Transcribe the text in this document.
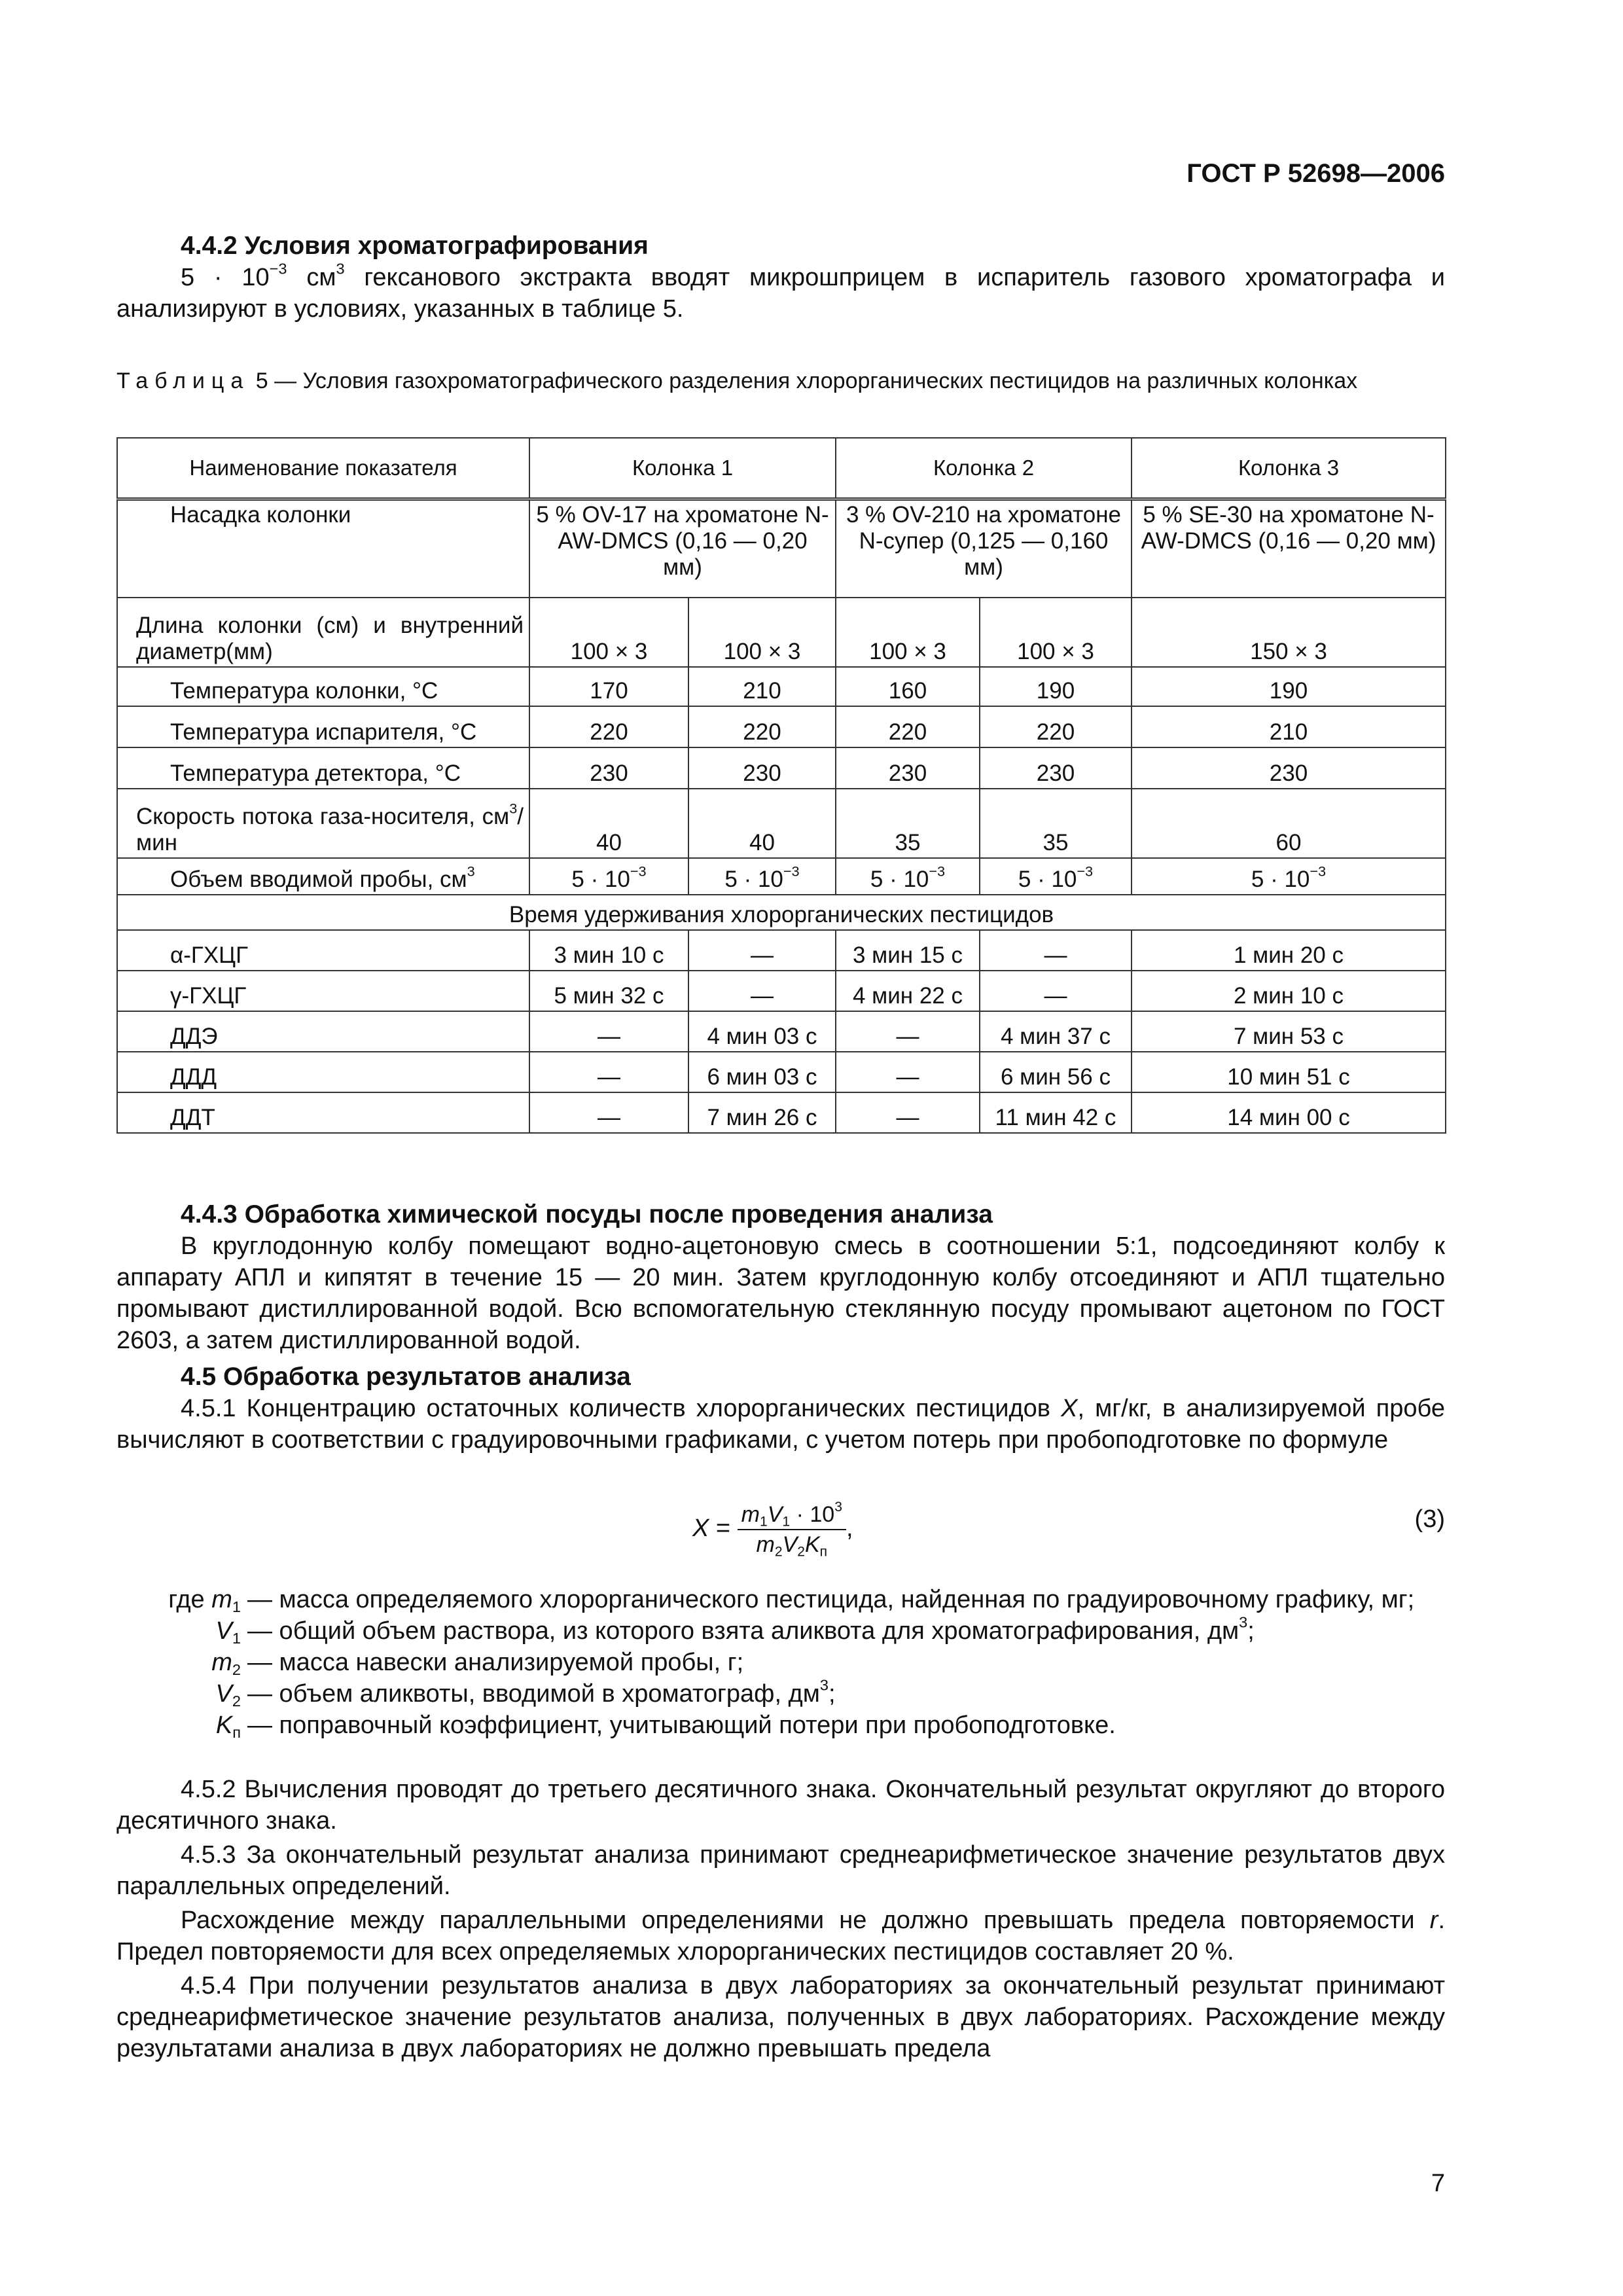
ГОСТ Р 52698—2006
4.4.2 Условия хроматографирования
$5 \cdot 10^{-3}$ $см^3$ гексанового экстракта вводят микрошприцем в испаритель газового хроматографа и анализируют в условиях, указанных в таблице 5.
Таблица 5 — Условия газохроматографического разделения хлорорганических пестицидов на различных колонках
Наименование показателя	Колонка 1		Колонка 2		Колонка 3
Насадка колонки	5 % OV-17 на хроматоне N-AW-DMCS (0,16 — 0,20 мм)		3 % OV-210 на хроматоне N-супер (0,125 — 0,160 мм)		5 % SE-30 на хроматоне N-AW-DMCS (0,16 — 0,20 мм)
Длина колонки (см) и внутренний диаметр(мм)	100 × 3	100 × 3	100 × 3	100 × 3	150 × 3
Температура колонки, °С	170	210	160	190	190
Температура испарителя, °С	220	220	220	220	210
Температура детектора, °С	230	230	230	230	230
Скорость потока газа-носителя, $см^3$/мин	40	40	35	35	60
Объем вводимой пробы, $см^3$	$5 \cdot 10^{-3}$	$5 \cdot 10^{-3}$	$5 \cdot 10^{-3}$	$5 \cdot 10^{-3}$	$5 \cdot 10^{-3}$
Время удерживания хлорорганических пестицидов					
α-ГХЦГ	3 мин 10 с	—	3 мин 15 с	—	1 мин 20 с
γ-ГХЦГ	5 мин 32 с	—	4 мин 22 с	—	2 мин 10 с
ДДЭ	—	4 мин 03 с	—	4 мин 37 с	7 мин 53 с
ДДД	—	6 мин 03 с	—	6 мин 56 с	10 мин 51 с
ДДТ	—	7 мин 26 с	—	11 мин 42 с	14 мин 00 с
4.4.3 Обработка химической посуды после проведения анализа
В круглодонную колбу помещают водно-ацетоновую смесь в соотношении 5:1, подсоединяют колбу к аппарату АПЛ и кипятят в течение 15 — 20 мин. Затем круглодонную колбу отсоединяют и АПЛ тщательно промывают дистиллированной водой. Всю вспомогательную стеклянную посуду промывают ацетоном по ГОСТ 2603, а затем дистиллированной водой.
4.5 Обработка результатов анализа
4.5.1 Концентрацию остаточных количеств хлорорганических пестицидов X, мг/кг, в анализируемой пробе вычисляют в соответствии с градуировочными графиками, с учетом потерь при пробоподготовке по формуле
$X = \frac{m_1V_1 \cdot 10^3}{m_2V_2K_п}$ ,	(3)
где $m_1$ — масса определяемого хлорорганического пестицида, найденная по градуировочному графику, мг;
$V_1$ — общий объем раствора, из которого взята аликвота для хроматографирования, $дм^3$;
$m_2$ — масса навески анализируемой пробы, г;
$V_2$ — объем аликвоты, вводимой в хроматограф, $дм^3$;
$K_п$ — поправочный коэффициент, учитывающий потери при пробоподготовке.
4.5.2 Вычисления проводят до третьего десятичного знака. Окончательный результат округляют до второго десятичного знака.
4.5.3 За окончательный результат анализа принимают среднеарифметическое значение результатов двух параллельных определений.
Расхождение между параллельными определениями не должно превышать предела повторяемости r. Предел повторяемости для всех определяемых хлорорганических пестицидов составляет 20 %.
4.5.4 При получении результатов анализа в двух лабораториях за окончательный результат принимают среднеарифметическое значение результатов анализа, полученных в двух лабораториях. Расхождение между результатами анализа в двух лабораториях не должно превышать предела
7
